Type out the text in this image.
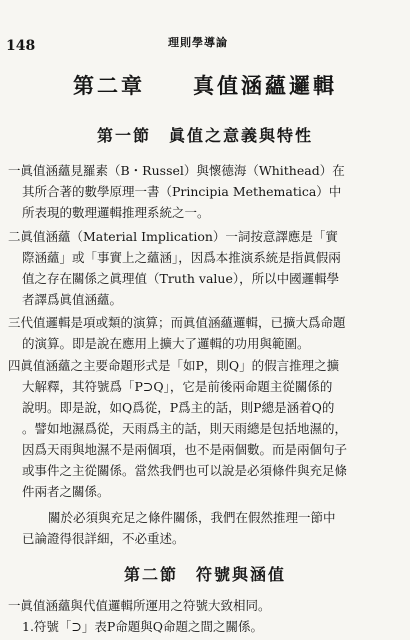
148	理則學導論
第二章　　真值涵蘊邏輯
第一節　眞值之意義與特性
一眞值涵蘊見羅素（B・Russel）與懷德海（Whithead）在
其所合著的數學原理一書（Principia Methematica）中
所表現的數理邏輯推理系統之一。
二眞值涵蘊（Material Implication）一詞按意譯應是「實
際涵蘊」或「事實上之蘊涵」，因爲本推演系統是指眞假兩
值之存在關係之眞理值（Truth value），所以中國邏輯學
者譯爲眞值涵蘊。
三代值邏輯是項或類的演算；而眞值涵蘊邏輯，已擴大爲命題
的演算。即是說在應用上擴大了邏輯的功用與範圍。
四眞值涵蘊之主要命題形式是「如P，則Q」的假言推理之擴
大解釋，其符號爲「P⊃Q」，它是前後兩命題主從關係的
說明。即是說，如Q爲從，P爲主的話，則P總是涵着Q的
。譬如地濕爲從，天雨爲主的話，則天雨總是包括地濕的，
因爲天雨與地濕不是兩個項，也不是兩個數。而是兩個句子
或事件之主從關係。當然我們也可以說是必須條件與充足條
件兩者之關係。
關於必須與充足之條件關係，我們在假然推理一節中
已論證得很詳細，不必重述。
第二節　符號與涵值
一眞值涵蘊與代值邏輯所運用之符號大致相同。
1.符號「⊃」表P命題與Q命題之間之關係。
